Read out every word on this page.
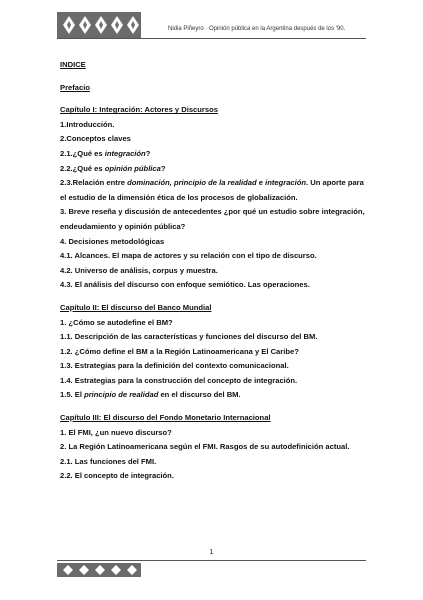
Nidia Piñeyro · Opinión pública en la Argentina después de los '90.
INDICE
Prefacio
Capítulo I: Integración: Actores y Discursos
1.Introducción.
2.Conceptos claves
2.1.¿Qué es integración?
2.2.¿Qué es opinión pública?
2.3.Relación entre dominación, principio de la realidad e integración. Un aporte para el estudio de la dimensión ética de los procesos de globalización.
3. Breve reseña y discusión de antecedentes ¿por qué un estudio sobre integración, endeudamiento y opinión pública?
4. Decisiones metodológicas
4.1. Alcances. El mapa de actores y su relación con el tipo de discurso.
4.2. Universo de análisis, corpus y muestra.
4.3. El análisis del discurso con enfoque semiótico. Las operaciones.
Capítulo II: El discurso del Banco Mundial
1. ¿Cómo se autodefine el BM?
1.1. Descripción de las características y funciones del discurso del BM.
1.2. ¿Cómo define el BM a la Región Latinoamericana y El Caribe?
1.3. Estrategias para la definición del contexto comunicacional.
1.4. Estrategias para la construcción del concepto de integración.
1.5. El principio de realidad en el discurso del BM.
Capítulo III: El discurso del Fondo Monetario Internacional
1. El FMI, ¿un nuevo discurso?
2. La Región Latinoamericana según el FMI. Rasgos de su autodefinición actual.
2.1. Las funciones del FMI.
2.2. El concepto de integración.
1
